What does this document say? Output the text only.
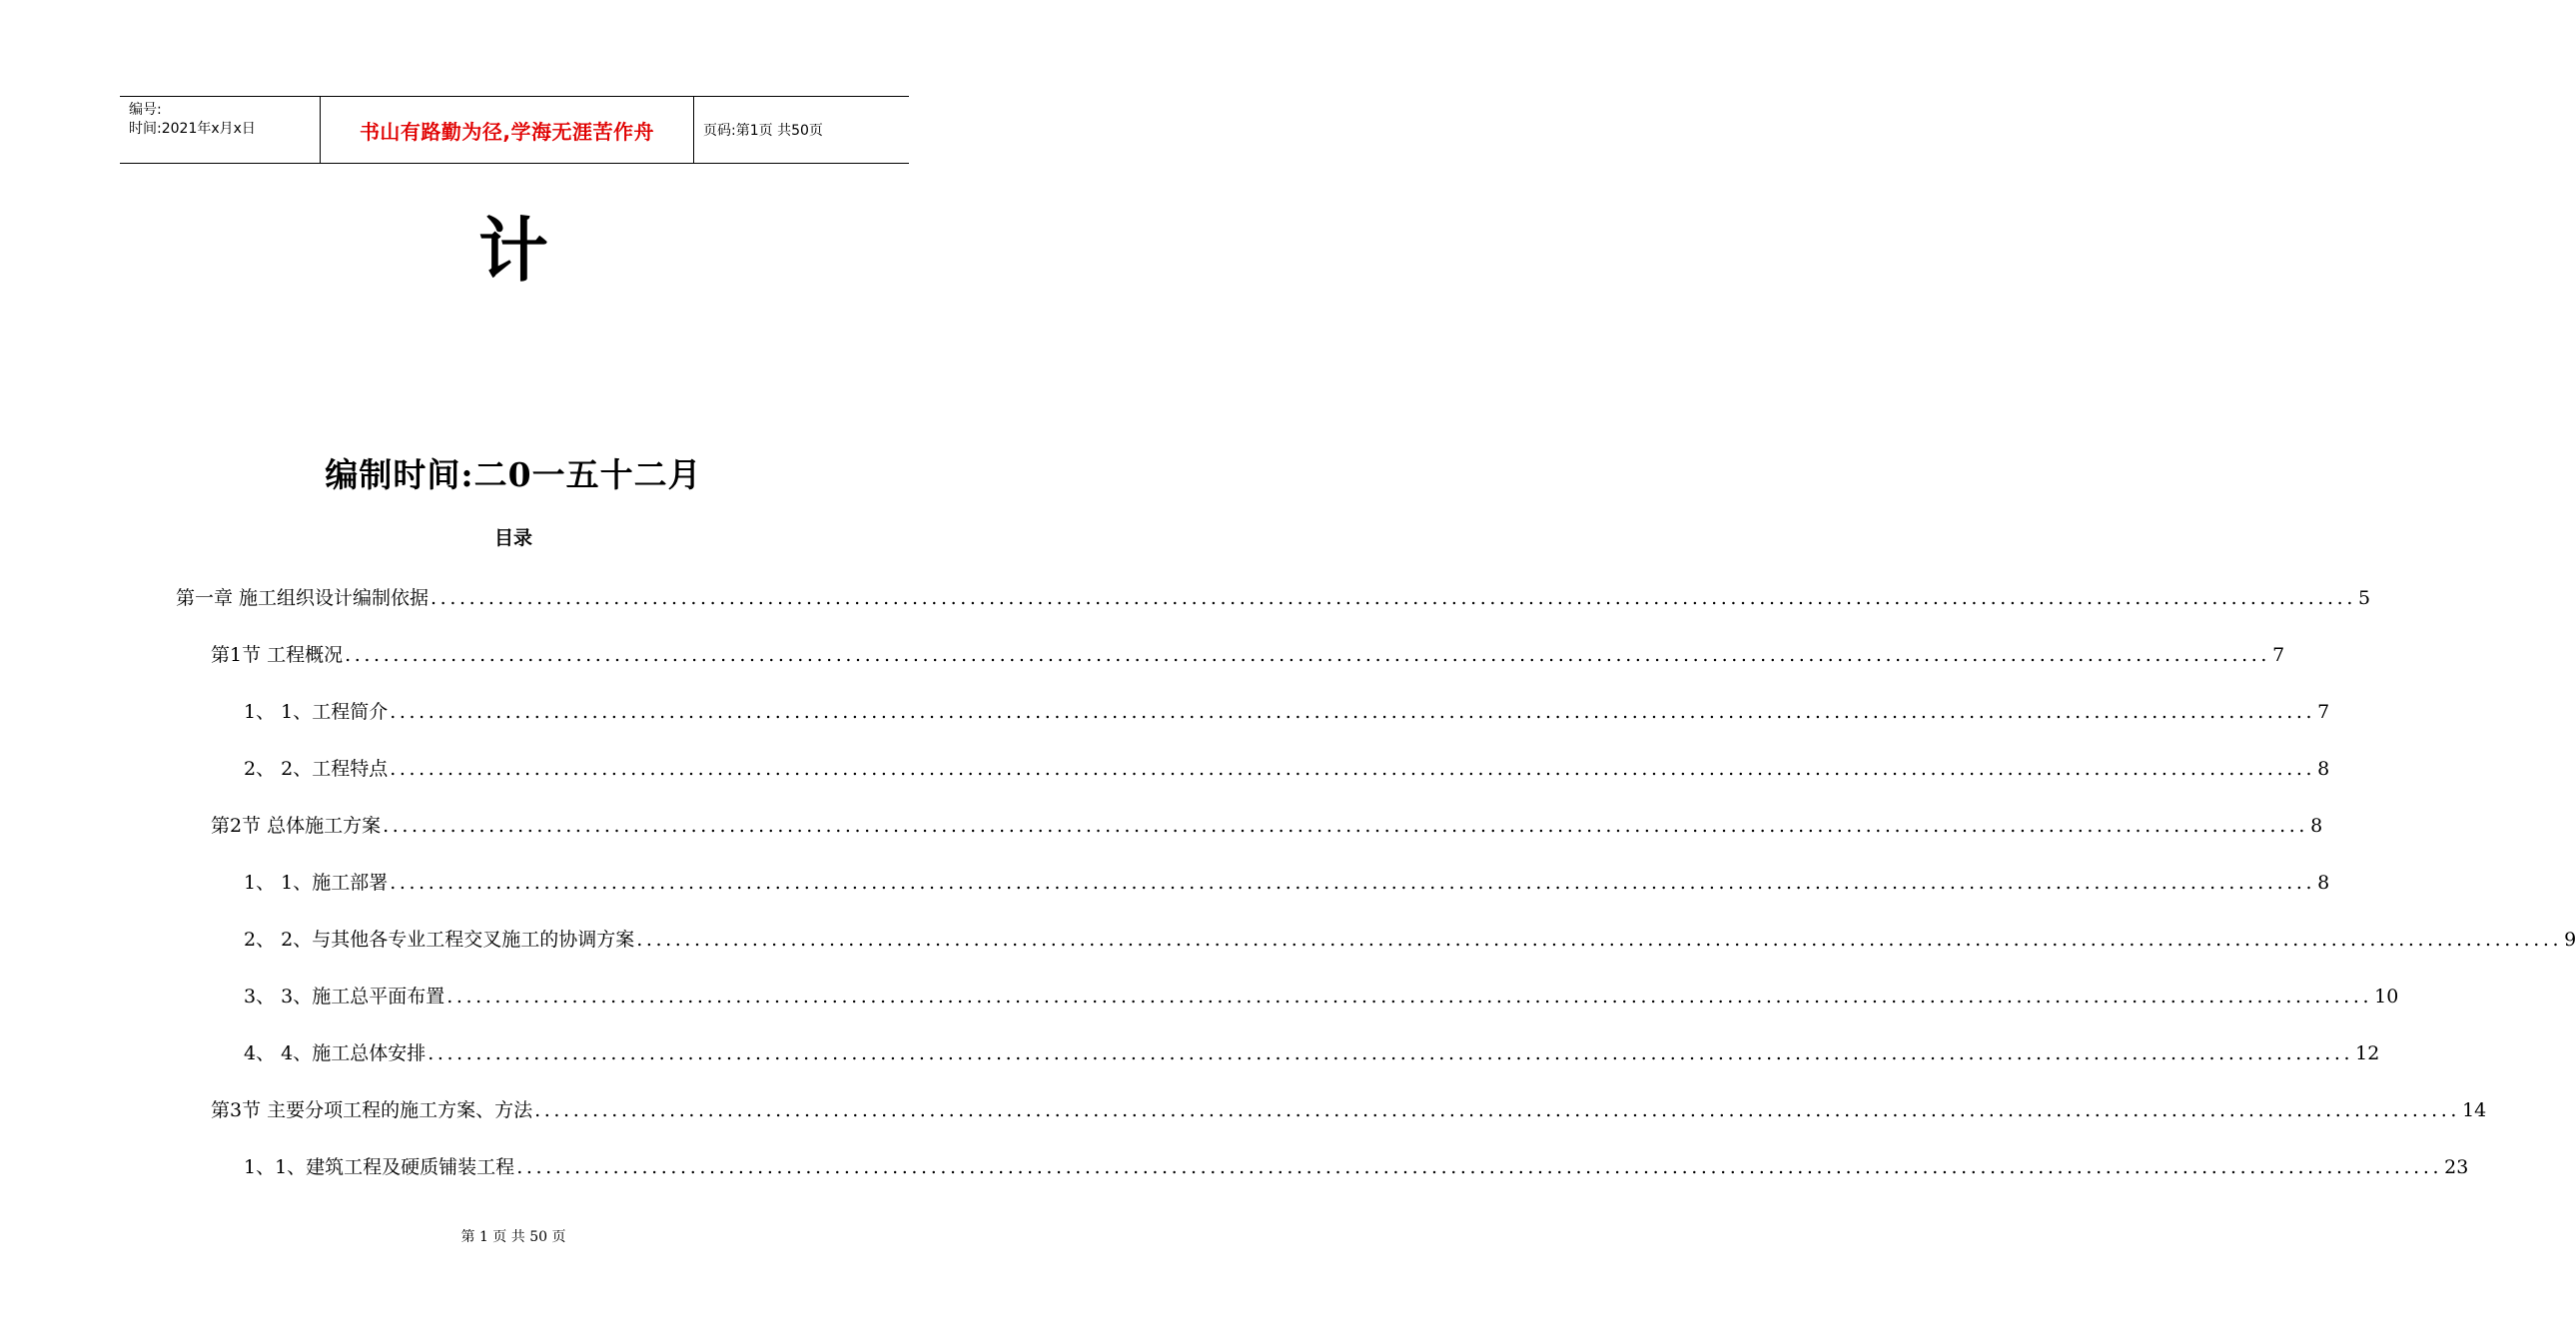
编号:
时间:2021年x月x日	书山有路勤为径,学海无涯苦作舟	页码:第1页 共50页
计
编制时间:二0一五十二月
目录
第一章 施工组织设计编制依据 ........................................................................................................................................................................................................ 5
第1节 工程概况 ........................................................................................................................................................................................................ 7
1、 1、工程简介 ........................................................................................................................................................................................................ 7
2、 2、工程特点 ........................................................................................................................................................................................................ 8
第2节 总体施工方案 ........................................................................................................................................................................................................ 8
1、 1、施工部署 ........................................................................................................................................................................................................ 8
2、 2、与其他各专业工程交叉施工的协调方案 ........................................................................................................................................................................................................ 9
3、 3、施工总平面布置 ........................................................................................................................................................................................................ 10
4、 4、施工总体安排 ........................................................................................................................................................................................................ 12
第3节 主要分项工程的施工方案、方法 ........................................................................................................................................................................................................ 14
1、1、建筑工程及硬质铺装工程 ........................................................................................................................................................................................................ 23
第 1 页 共 50 页
